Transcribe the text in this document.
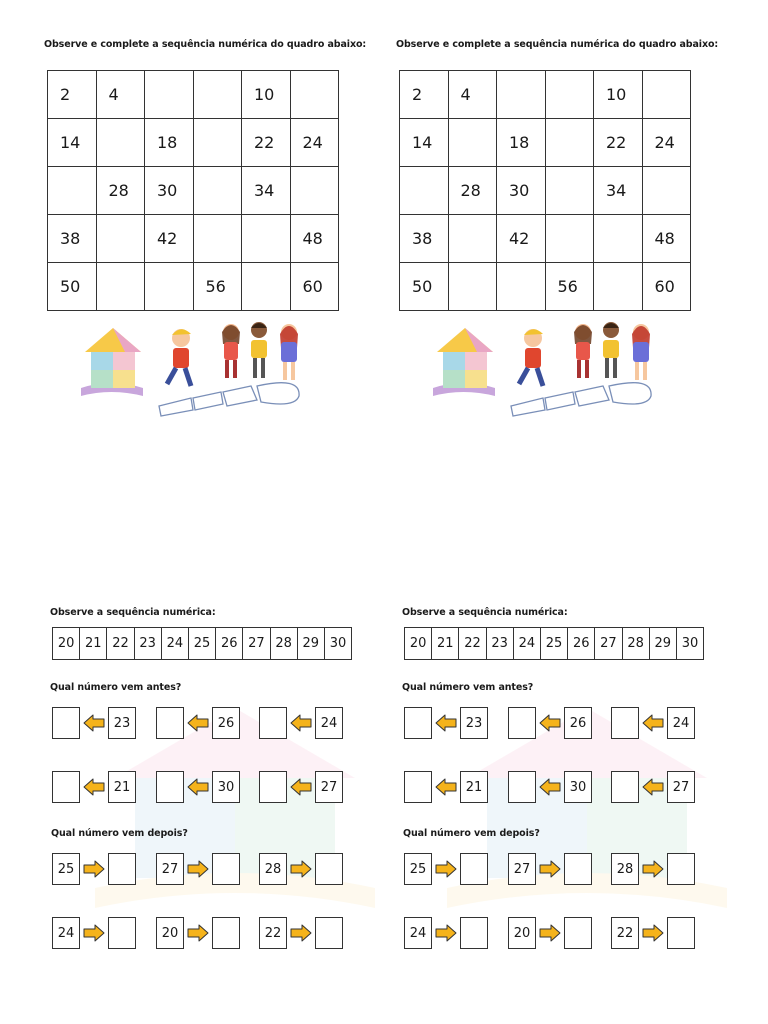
Observe e complete a sequência numérica do quadro abaixo:
2	4			10	
14		18		22	24
	28	30		34	
38		42			48
50			56		60
Observe a sequência numérica:
20	21	22	23	24	25	26	27	28	29	30
Qual número vem antes?
23	26	24
21	30	27
Qual número vem depois?
25	27	28
24	20	22
Observe e complete a sequência numérica do quadro abaixo:
2	4			10	
14		18		22	24
	28	30		34	
38		42			48
50			56		60
Observe a sequência numérica:
20	21	22	23	24	25	26	27	28	29	30
Qual número vem antes?
23	26	24
21	30	27
Qual número vem depois?
25	27	28
24	20	22
